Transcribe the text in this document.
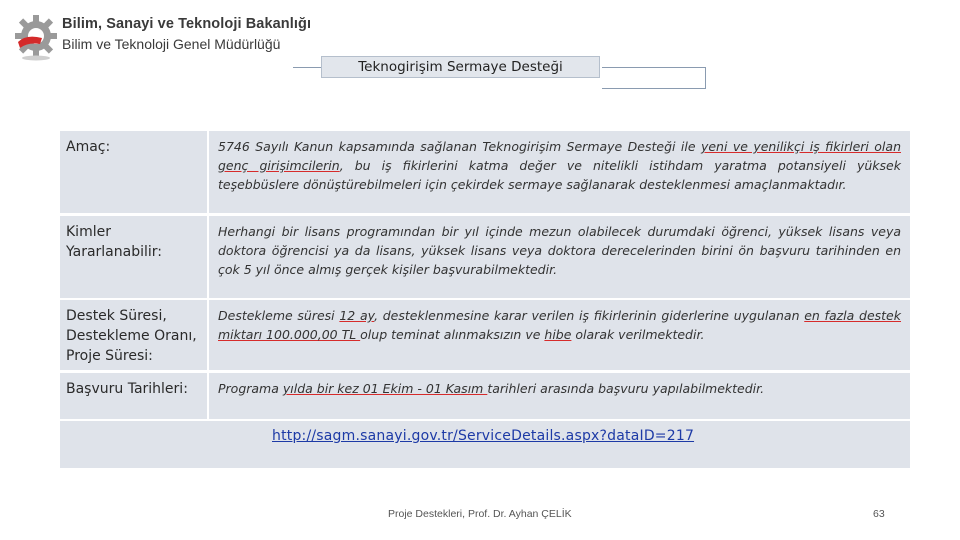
Bilim, Sanayi ve Teknoloji Bakanlığı
Bilim ve Teknoloji Genel Müdürlüğü
Teknogirişim Sermaye Desteği
Amaç:	5746 Sayılı Kanun kapsamında sağlanan Teknogirişim Sermaye Desteği ile yeni ve yenilikçi iş fikirleri olan genç girişimcilerin, bu iş fikirlerini katma değer ve nitelikli istihdam yaratma potansiyeli yüksek teşebbüslere dönüştürebilmeleri için çekirdek sermaye sağlanarak desteklenmesi amaçlanmaktadır.
Kimler Yararlanabilir:
Herhangi bir lisans programından bir yıl içinde mezun olabilecek durumdaki öğrenci, yüksek lisans veya doktora öğrencisi ya da lisans, yüksek lisans veya doktora derecelerinden birini ön başvuru tarihinden en çok 5 yıl önce almış gerçek kişiler başvurabilmektedir.
Destek Süresi, Destekleme Oranı, Proje Süresi:
Destekleme süresi 12 ay, desteklenmesine karar verilen iş fikirlerinin giderlerine uygulanan en fazla destek miktarı 100.000,00 TL olup teminat alınmaksızın ve hibe olarak verilmektedir.
Başvuru Tarihleri:	Programa yılda bir kez 01 Ekim - 01 Kasım tarihleri arasında başvuru yapılabilmektedir.
http://sagm.sanayi.gov.tr/ServiceDetails.aspx?dataID=217
Proje Destekleri, Prof. Dr. Ayhan ÇELİK	63
